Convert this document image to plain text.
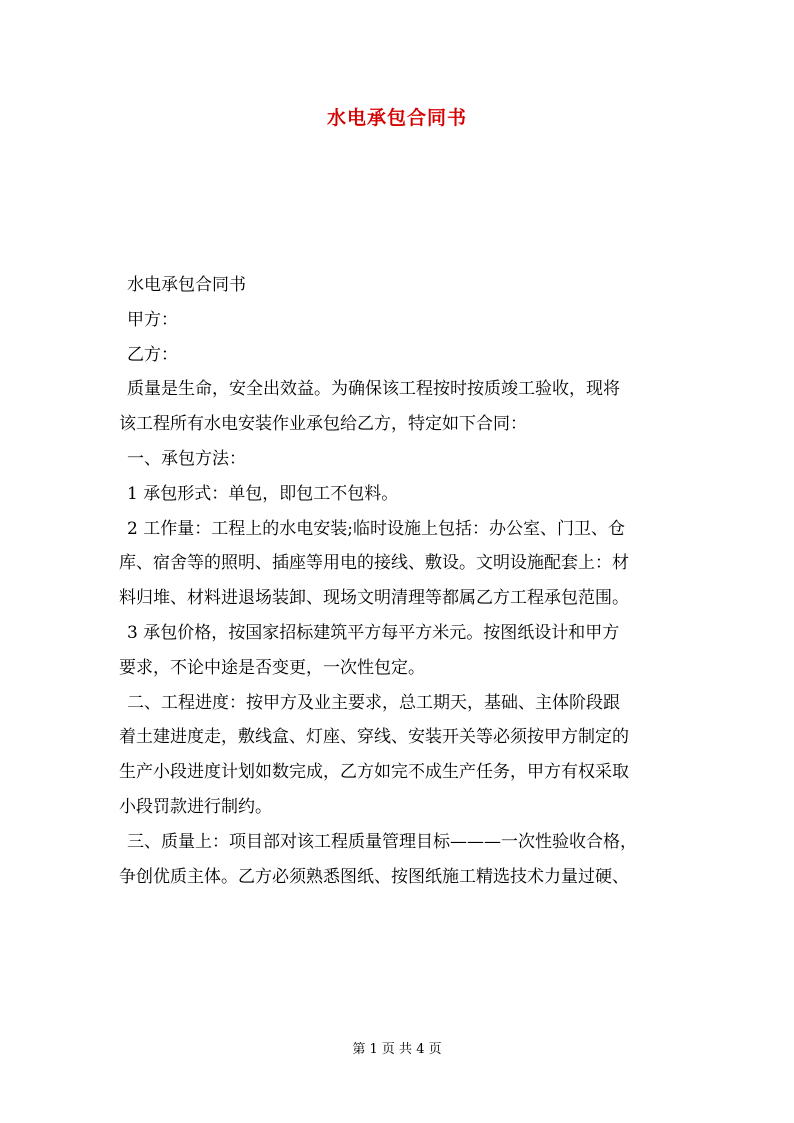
水电承包合同书
水电承包合同书
甲方：
乙方：
质量是生命，安全出效益。为确保该工程按时按质竣工验收，现将
该工程所有水电安装作业承包给乙方，特定如下合同：
一、承包方法：
1 承包形式：单包，即包工不包料。
2 工作量：工程上的水电安装;临时设施上包括：办公室、门卫、仓
库、宿舍等的照明、插座等用电的接线、敷设。文明设施配套上：材
料归堆、材料进退场装卸、现场文明清理等都属乙方工程承包范围。
3 承包价格，按国家招标建筑平方每平方米元。按图纸设计和甲方
要求，不论中途是否变更，一次性包定。
二、工程进度：按甲方及业主要求，总工期天，基础、主体阶段跟
着土建进度走，敷线盒、灯座、穿线、安装开关等必须按甲方制定的
生产小段进度计划如数完成，乙方如完不成生产任务，甲方有权采取
小段罚款进行制约。
三、质量上：项目部对该工程质量管理目标———一次性验收合格，
争创优质主体。乙方必须熟悉图纸、按图纸施工精选技术力量过硬、
第 1 页 共 4 页
